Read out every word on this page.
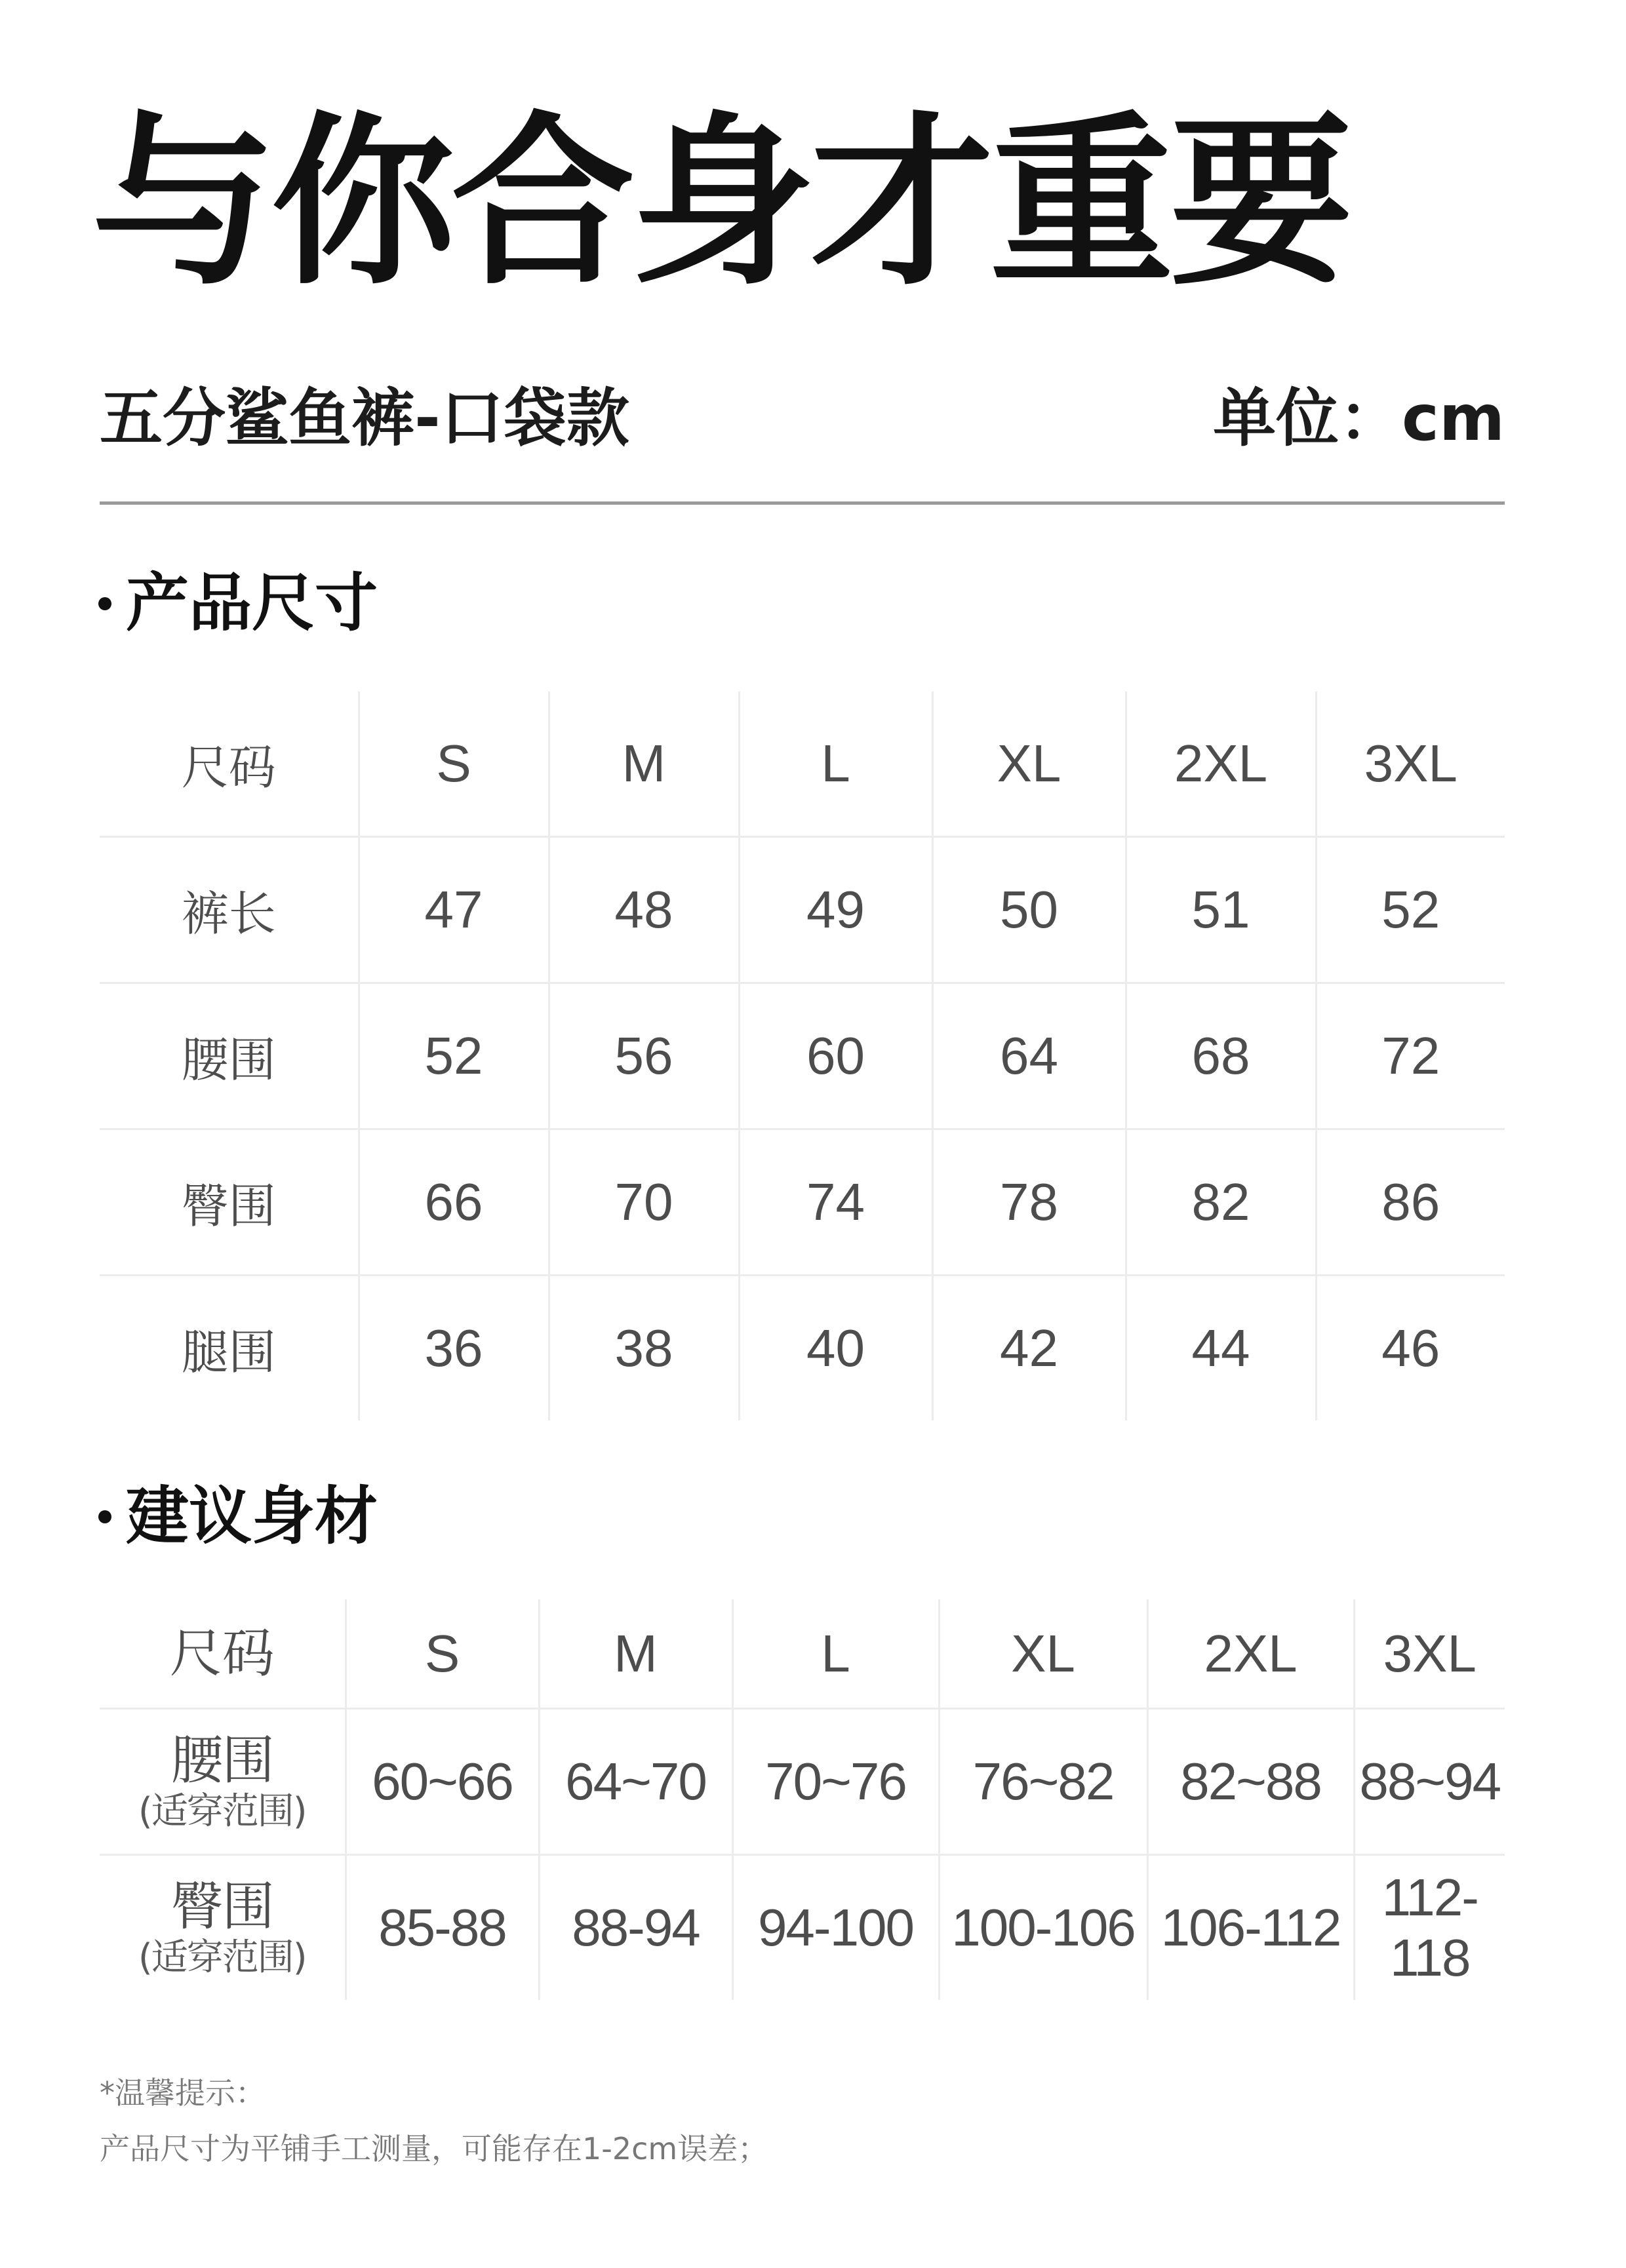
与你合身才重要
五分鲨鱼裤-口袋款	单位：cm
产品尺寸
尺码	S	M	L	XL	2XL	3XL
裤长	47	48	49	50	51	52
腰围	52	56	60	64	68	72
臀围	66	70	74	78	82	86
腿围	36	38	40	42	44	46
建议身材
尺码	S	M	L	XL	2XL	3XL
腰围
(适穿范围)	60~66	64~70	70~76	76~82	82~88	88~94
臀围
(适穿范围)	85-88	88-94	94-100	100-106	106-112	112-118
*温馨提示：
产品尺寸为平铺手工测量，可能存在1-2cm误差；
